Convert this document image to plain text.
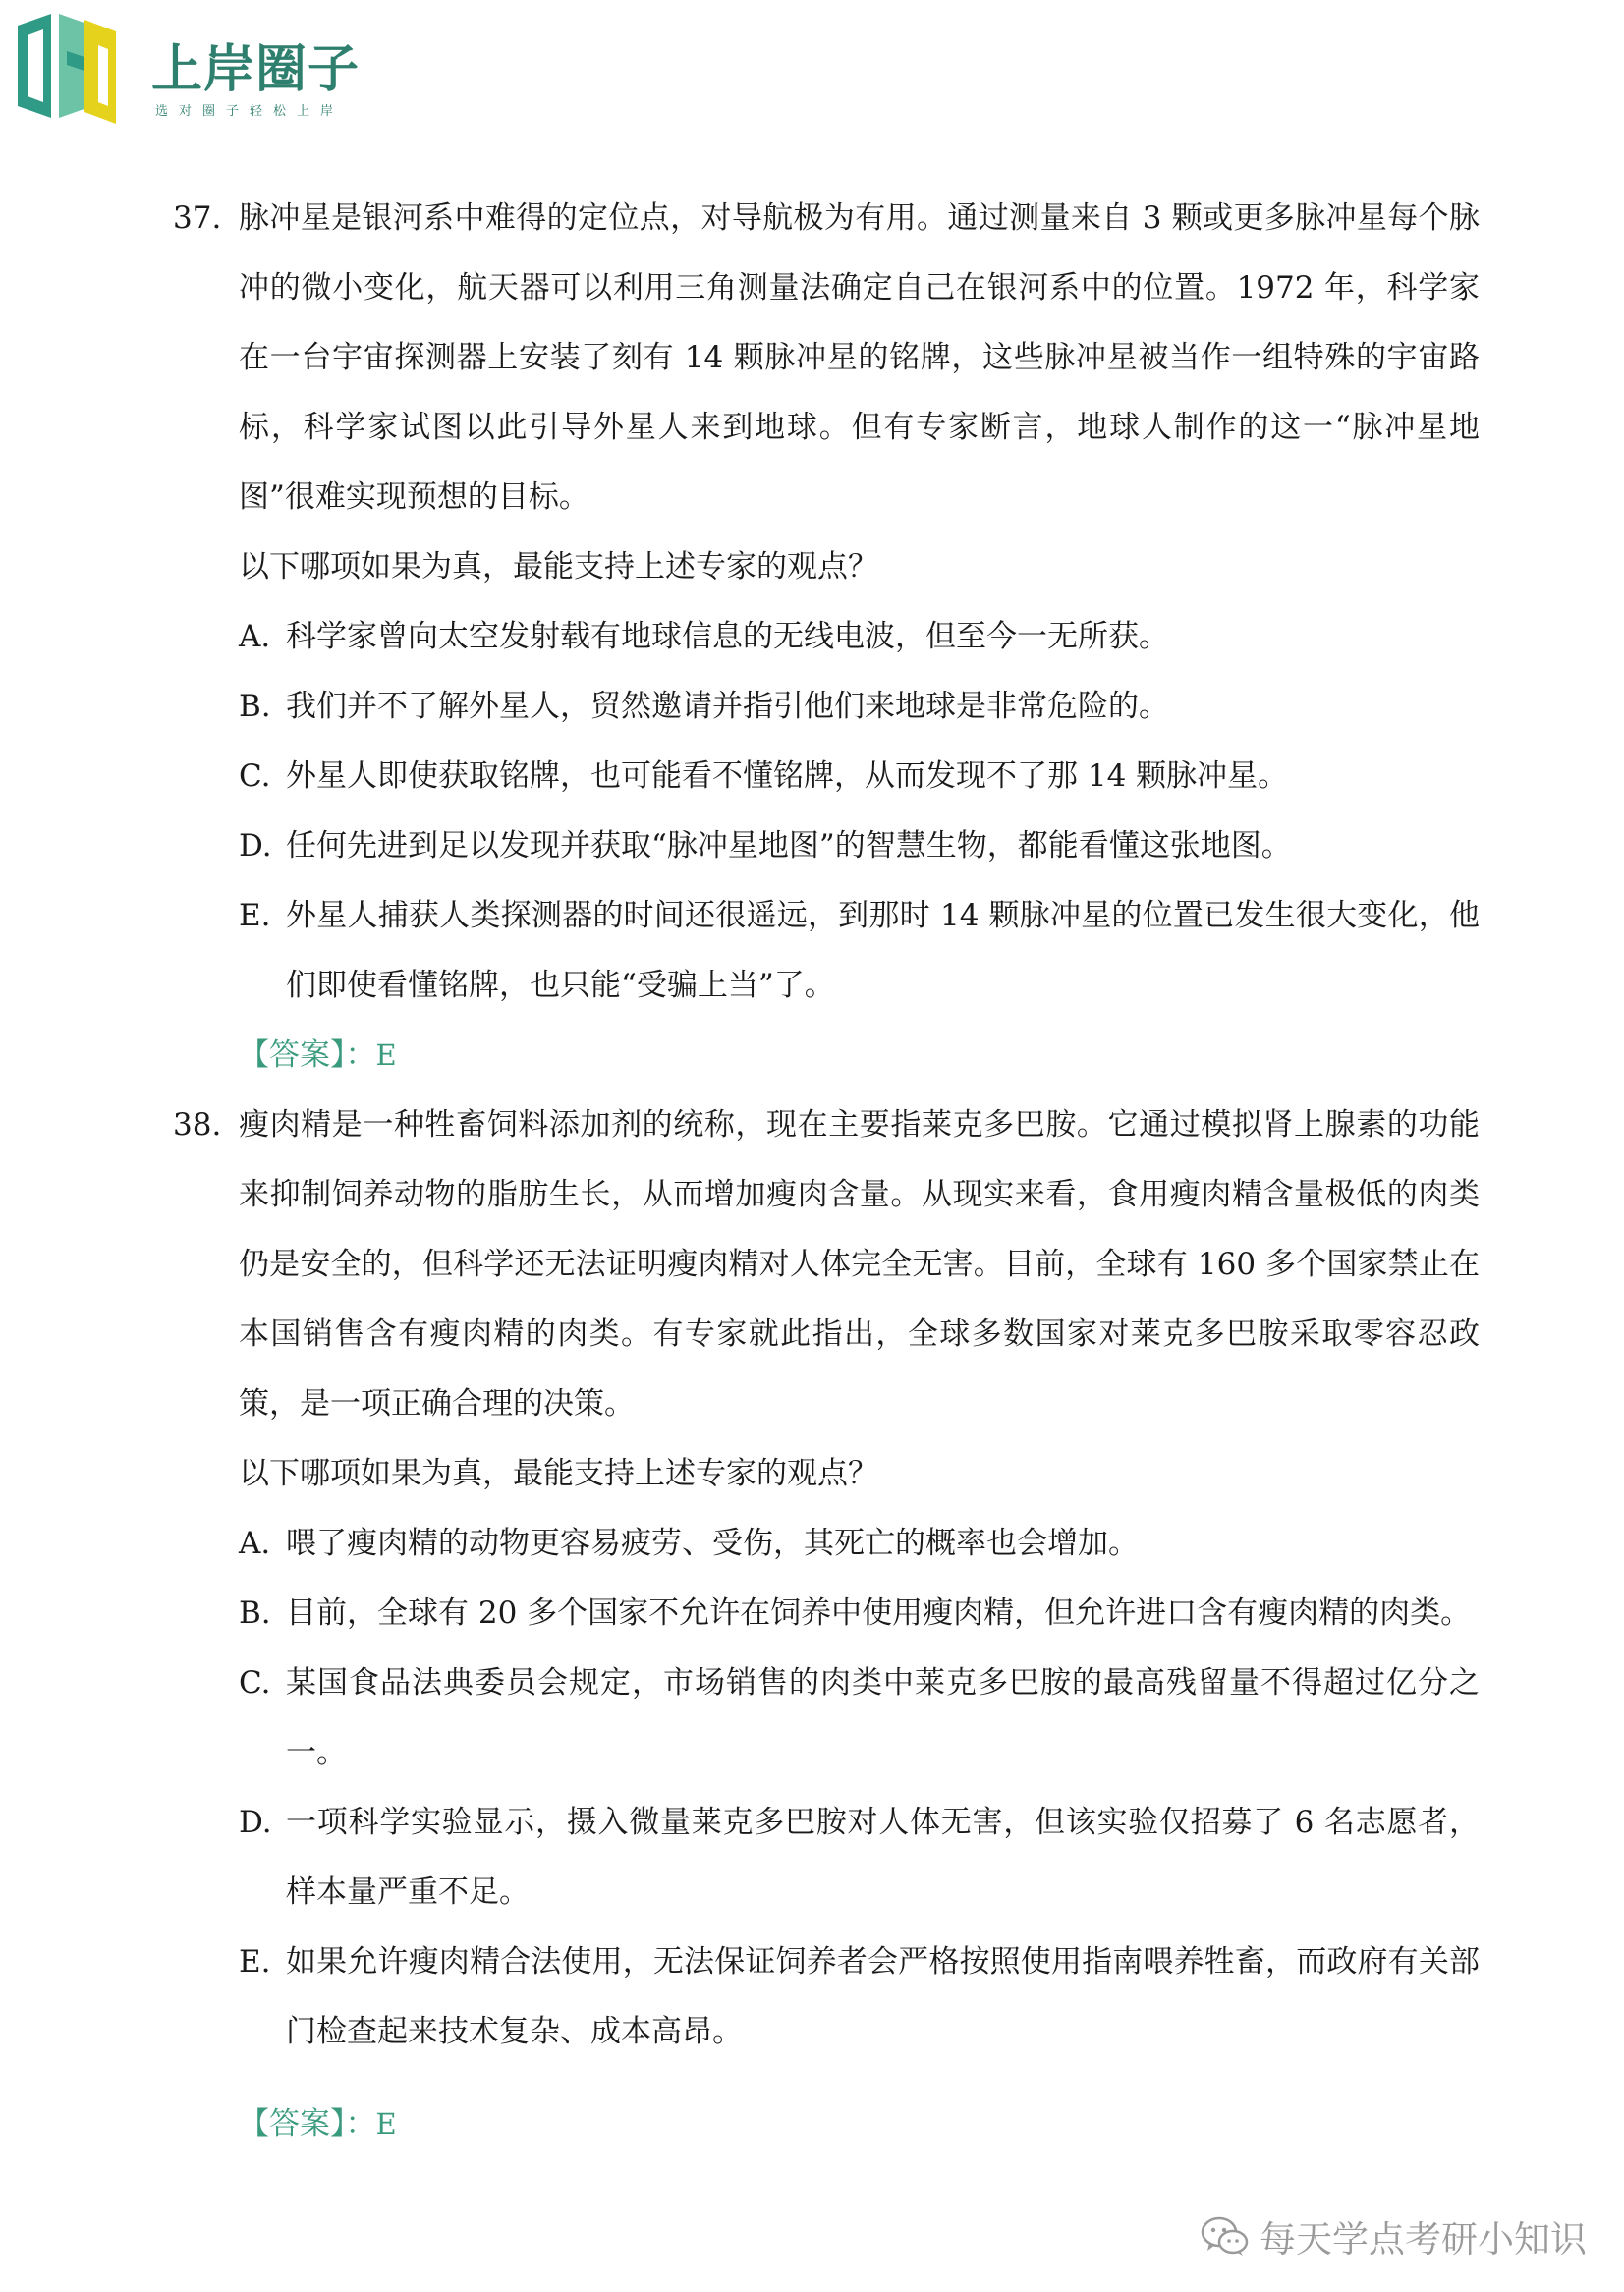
上岸圈子
选对圈子轻松上岸
37. 脉冲星是银河系中难得的定位点，对导航极为有用。通过测量来自 3 颗或更多脉冲星每个脉冲的微小变化，航天器可以利用三角测量法确定自己在银河系中的位置。1972 年，科学家在一台宇宙探测器上安装了刻有 14 颗脉冲星的铭牌，这些脉冲星被当作一组特殊的宇宙路标，科学家试图以此引导外星人来到地球。但有专家断言，地球人制作的这一“脉冲星地图”很难实现预想的目标。

以下哪项如果为真，最能支持上述专家的观点？

A. 科学家曾向太空发射载有地球信息的无线电波，但至今一无所获。
B. 我们并不了解外星人，贸然邀请并指引他们来地球是非常危险的。
C. 外星人即使获取铭牌，也可能看不懂铭牌，从而发现不了那 14 颗脉冲星。
D. 任何先进到足以发现并获取“脉冲星地图”的智慧生物，都能看懂这张地图。
E. 外星人捕获人类探测器的时间还很遥远，到那时 14 颗脉冲星的位置已发生很大变化，他们即使看懂铭牌，也只能“受骗上当”了。

【答案】：E

38. 瘦肉精是一种牲畜饲料添加剂的统称，现在主要指莱克多巴胺。它通过模拟肾上腺素的功能来抑制饲养动物的脂肪生长，从而增加瘦肉含量。从现实来看，食用瘦肉精含量极低的肉类仍是安全的，但科学还无法证明瘦肉精对人体完全无害。目前，全球有 160 多个国家禁止在本国销售含有瘦肉精的肉类。有专家就此指出，全球多数国家对莱克多巴胺采取零容忍政策，是一项正确合理的决策。

以下哪项如果为真，最能支持上述专家的观点？

A. 喂了瘦肉精的动物更容易疲劳、受伤，其死亡的概率也会增加。
B. 目前，全球有 20 多个国家不允许在饲养中使用瘦肉精，但允许进口含有瘦肉精的肉类。
C. 某国食品法典委员会规定，市场销售的肉类中莱克多巴胺的最高残留量不得超过亿分之一。
D. 一项科学实验显示，摄入微量莱克多巴胺对人体无害，但该实验仅招募了 6 名志愿者，样本量严重不足。
E. 如果允许瘦肉精合法使用，无法保证饲养者会严格按照使用指南喂养牲畜，而政府有关部门检查起来技术复杂、成本高昂。

【答案】：E

每天学点考研小知识
